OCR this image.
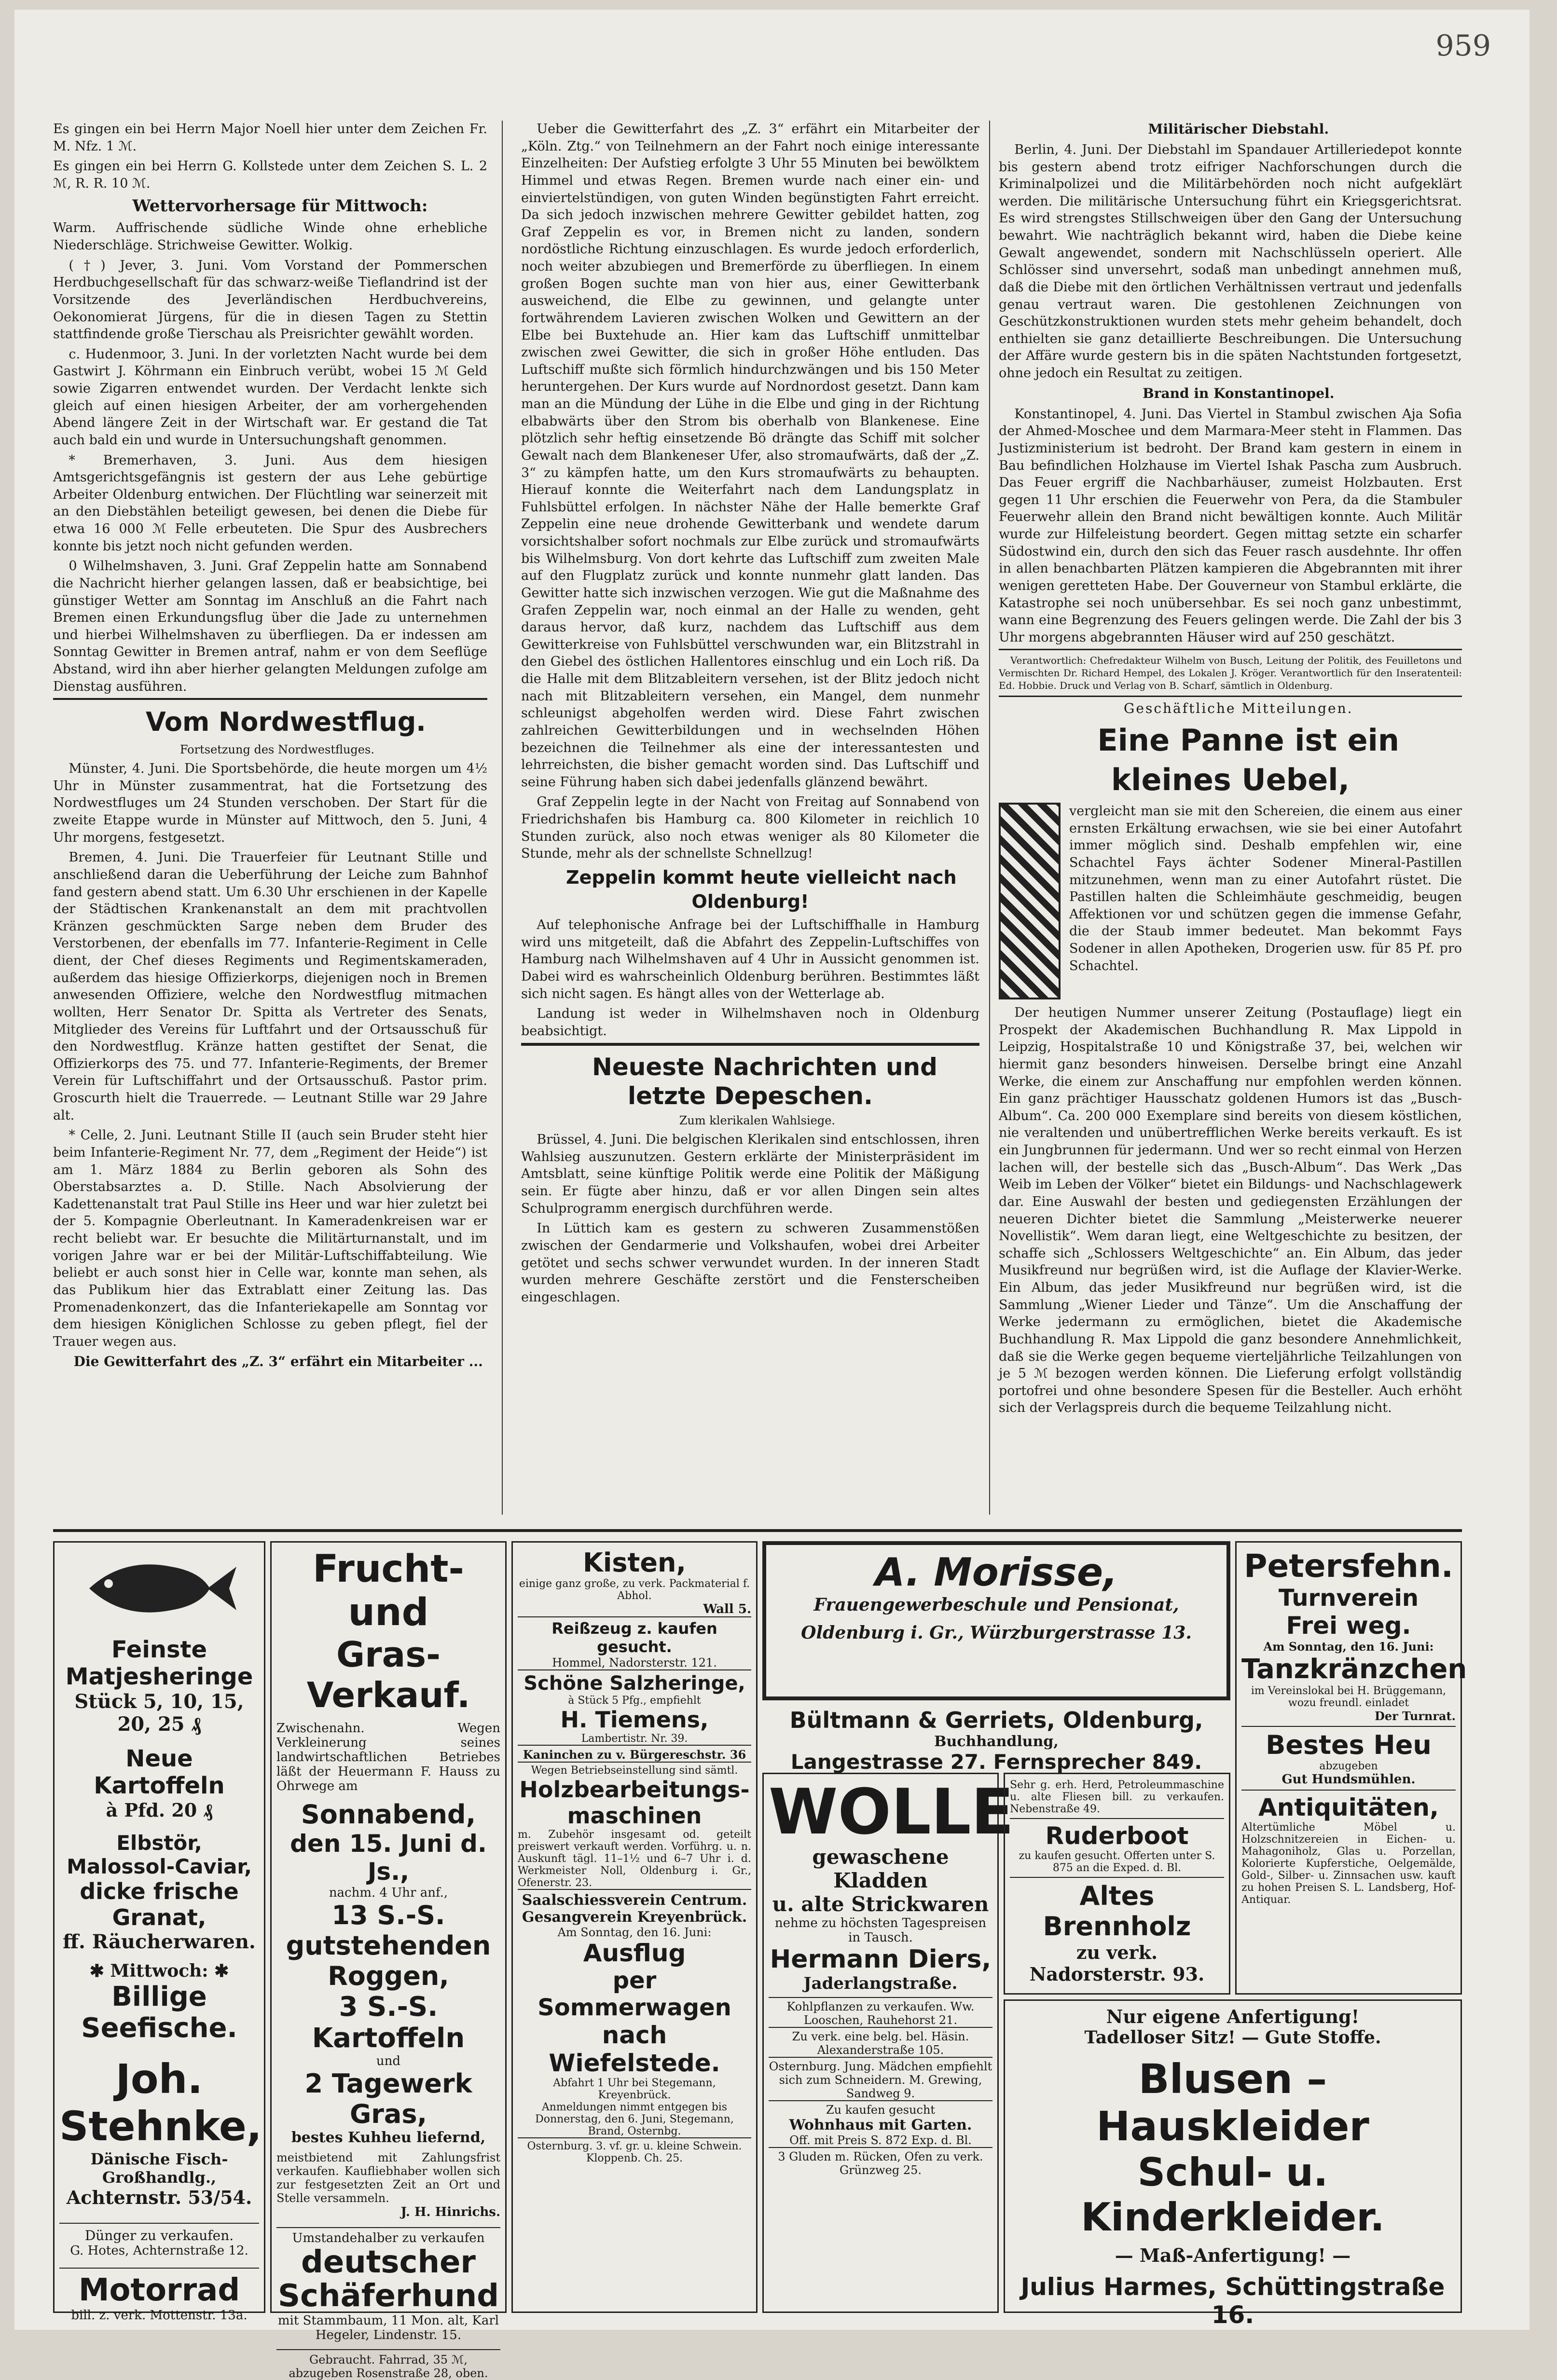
959

Es gingen ein bei Herrn Major Noell hier unter dem Zeichen Fr. M. Nfz. 1 ℳ.

Es gingen ein bei Herrn G. Kollstede unter dem Zeichen S. L. 2 ℳ, R. R. 10 ℳ.

Wettervorhersage für Mittwoch:

Warm. Auffrischende südliche Winde ohne erhebliche Niederschläge. Strichweise Gewitter. Wolkig.

(†) Jever, 3. Juni. Vom Vorstand der Pommerschen Herdbuchgesellschaft für das schwarz-weiße Tieflandrind ist der Vorsitzende des Jeverländischen Herdbuchvereins, Oekonomierat Jürgens, für die in diesen Tagen zu Stettin stattfindende große Tierschau als Preisrichter gewählt worden.

c. Hudenmoor, 3. Juni. In der vorletzten Nacht wurde bei dem Gastwirt J. Köhrmann ein Einbruch verübt, wobei 15 ℳ Geld sowie Zigarren entwendet wurden. Der Verdacht lenkte sich gleich auf einen hiesigen Arbeiter, der am vorhergehenden Abend längere Zeit in der Wirtschaft war. Er gestand die Tat auch bald ein und wurde in Untersuchungshaft genommen.

* Bremerhaven, 3. Juni. Aus dem hiesigen Amtsgerichtsgefängnis ist gestern der aus Lehe gebürtige Arbeiter Oldenburg entwichen. Der Flüchtling war seinerzeit mit an den Diebstählen beteiligt gewesen, bei denen die Diebe für etwa 16 000 ℳ Felle erbeuteten. Die Spur des Ausbrechers konnte bis jetzt noch nicht gefunden werden.

0 Wilhelmshaven, 3. Juni. Graf Zeppelin hatte am Sonnabend die Nachricht hierher gelangen lassen, daß er beabsichtige, bei günstiger Wetter am Sonntag im Anschluß an die Fahrt nach Bremen einen Erkundungsflug über die Jade zu unternehmen und hierbei Wilhelmshaven zu überfliegen. Da er indessen am Sonntag Gewitter in Bremen antraf, nahm er von dem Seeflüge Abstand, wird ihn aber hierher gelangten Meldungen zufolge am Dienstag ausführen.

Vom Nordwestflug.

Fortsetzung des Nordwestfluges.

Münster, 4. Juni. Die Sportsbehörde, die heute morgen um 4½ Uhr in Münster zusammentrat, hat die Fortsetzung des Nordwestfluges um 24 Stunden verschoben. Der Start für die zweite Etappe wurde in Münster auf Mittwoch, den 5. Juni, 4 Uhr morgens, festgesetzt.

Bremen, 4. Juni. Die Trauerfeier für Leutnant Stille und anschließend daran die Ueberführung der Leiche zum Bahnhof fand gestern abend statt. Um 6.30 Uhr erschienen in der Kapelle der Städtischen Krankenanstalt an dem mit prachtvollen Kränzen geschmückten Sarge neben dem Bruder des Verstorbenen, der ebenfalls im 77. Infanterie-Regiment in Celle dient, der Chef dieses Regiments und Regimentskameraden, außerdem das hiesige Offizierkorps, diejenigen noch in Bremen anwesenden Offiziere, welche den Nordwestflug mitmachen wollten, Herr Senator Dr. Spitta als Vertreter des Senats, Mitglieder des Vereins für Luftfahrt und der Ortsausschuß für den Nordwestflug. Kränze hatten gestiftet der Senat, die Offizierkorps des 75. und 77. Infanterie-Regiments, der Bremer Verein für Luftschiffahrt und der Ortsausschuß. Pastor prim. Groscurth hielt die Trauerrede. — Leutnant Stille war 29 Jahre alt.

* Celle, 2. Juni. Leutnant Stille II (auch sein Bruder steht hier beim Infanterie-Regiment Nr. 77, dem „Regiment der Heide“) ist am 1. März 1884 zu Berlin geboren als Sohn des Oberstabsarztes a. D. Stille. Nach Absolvierung der Kadettenanstalt trat Paul Stille ins Heer und war hier zuletzt bei der 5. Kompagnie Oberleutnant. In Kameradenkreisen war er recht beliebt war. Er besuchte die Militärturnanstalt, und im vorigen Jahre war er bei der Militär-Luftschiffabteilung. Wie beliebt er auch sonst hier in Celle war, konnte man sehen, als das Publikum hier das Extrablatt einer Zeitung las. Das Promenadenkonzert, das die Infanteriekapelle am Sonntag vor dem hiesigen Königlichen Schlosse zu geben pflegt, fiel der Trauer wegen aus.

Die Gewitterfahrt des „Z. 3“ erfährt ein Mitarbeiter ...

Ueber die Gewitterfahrt des „Z. 3“ erfährt ein Mitarbeiter der „Köln. Ztg.“ von Teilnehmern an der Fahrt noch einige interessante Einzelheiten: Der Aufstieg erfolgte 3 Uhr 55 Minuten bei bewölktem Himmel und etwas Regen. Bremen wurde nach einer ein- und einviertelstündigen, von guten Winden begünstigten Fahrt erreicht. Da sich jedoch inzwischen mehrere Gewitter gebildet hatten, zog Graf Zeppelin es vor, in Bremen nicht zu landen, sondern nordöstliche Richtung einzuschlagen. Es wurde jedoch erforderlich, noch weiter abzubiegen und Bremerförde zu überfliegen. In einem großen Bogen suchte man von hier aus, einer Gewitterbank ausweichend, die Elbe zu gewinnen, und gelangte unter fortwährendem Lavieren zwischen Wolken und Gewittern an der Elbe bei Buxtehude an. Hier kam das Luftschiff unmittelbar zwischen zwei Gewitter, die sich in großer Höhe entluden. Das Luftschiff mußte sich förmlich hindurchzwängen und bis 150 Meter heruntergehen. Der Kurs wurde auf Nordnordost gesetzt. Dann kam man an die Mündung der Lühe in die Elbe und ging in der Richtung elbabwärts über den Strom bis oberhalb von Blankenese. Eine plötzlich sehr heftig einsetzende Bö drängte das Schiff mit solcher Gewalt nach dem Blankeneser Ufer, also stromaufwärts, daß der „Z. 3“ zu kämpfen hatte, um den Kurs stromaufwärts zu behaupten. Hierauf konnte die Weiterfahrt nach dem Landungsplatz in Fuhlsbüttel erfolgen. In nächster Nähe der Halle bemerkte Graf Zeppelin eine neue drohende Gewitterbank und wendete darum vorsichtshalber sofort nochmals zur Elbe zurück und stromaufwärts bis Wilhelmsburg. Von dort kehrte das Luftschiff zum zweiten Male auf den Flugplatz zurück und konnte nunmehr glatt landen. Das Gewitter hatte sich inzwischen verzogen. Wie gut die Maßnahme des Grafen Zeppelin war, noch einmal an der Halle zu wenden, geht daraus hervor, daß kurz, nachdem das Luftschiff aus dem Gewitterkreise von Fuhlsbüttel verschwunden war, ein Blitzstrahl in den Giebel des östlichen Hallentores einschlug und ein Loch riß. Da die Halle mit dem Blitzableitern versehen, ist der Blitz jedoch nicht nach mit Blitzableitern versehen, ein Mangel, dem nunmehr schleunigst abgeholfen werden wird. Diese Fahrt zwischen zahlreichen Gewitterbildungen und in wechselnden Höhen bezeichnen die Teilnehmer als eine der interessantesten und lehrreichsten, die bisher gemacht worden sind. Das Luftschiff und seine Führung haben sich dabei jedenfalls glänzend bewährt.

Graf Zeppelin legte in der Nacht von Freitag auf Sonnabend von Friedrichshafen bis Hamburg ca. 800 Kilometer in reichlich 10 Stunden zurück, also noch etwas weniger als 80 Kilometer die Stunde, mehr als der schnellste Schnellzug!

Zeppelin kommt heute vielleicht nach Oldenburg!

Auf telephonische Anfrage bei der Luftschiffhalle in Hamburg wird uns mitgeteilt, daß die Abfahrt des Zeppelin-Luftschiffes von Hamburg nach Wilhelmshaven auf 4 Uhr in Aussicht genommen ist. Dabei wird es wahrscheinlich Oldenburg berühren. Bestimmtes läßt sich nicht sagen. Es hängt alles von der Wetterlage ab.

Landung ist weder in Wilhelmshaven noch in Oldenburg beabsichtigt.

Neueste Nachrichten und letzte Depeschen.

Zum klerikalen Wahlsiege.

Brüssel, 4. Juni. Die belgischen Klerikalen sind entschlossen, ihren Wahlsieg auszunutzen. Gestern erklärte der Ministerpräsident im Amtsblatt, seine künftige Politik werde eine Politik der Mäßigung sein. Er fügte aber hinzu, daß er vor allen Dingen sein altes Schulprogramm energisch durchführen werde.

In Lüttich kam es gestern zu schweren Zusammenstößen zwischen der Gendarmerie und Volkshaufen, wobei drei Arbeiter getötet und sechs schwer verwundet wurden. In der inneren Stadt wurden mehrere Geschäfte zerstört und die Fensterscheiben eingeschlagen.

Militärischer Diebstahl.

Berlin, 4. Juni. Der Diebstahl im Spandauer Artilleriedepot konnte bis gestern abend trotz eifriger Nachforschungen durch die Kriminalpolizei und die Militärbehörden noch nicht aufgeklärt werden. Die militärische Untersuchung führt ein Kriegsgerichtsrat. Es wird strengstes Stillschweigen über den Gang der Untersuchung bewahrt. Wie nachträglich bekannt wird, haben die Diebe keine Gewalt angewendet, sondern mit Nachschlüsseln operiert. Alle Schlösser sind unversehrt, sodaß man unbedingt annehmen muß, daß die Diebe mit den örtlichen Verhältnissen vertraut und jedenfalls genau vertraut waren. Die gestohlenen Zeichnungen von Geschützkonstruktionen wurden stets mehr geheim behandelt, doch enthielten sie ganz detaillierte Beschreibungen. Die Untersuchung der Affäre wurde gestern bis in die späten Nachtstunden fortgesetzt, ohne jedoch ein Resultat zu zeitigen.

Brand in Konstantinopel.

Konstantinopel, 4. Juni. Das Viertel in Stambul zwischen Aja Sofia der Ahmed-Moschee und dem Marmara-Meer steht in Flammen. Das Justizministerium ist bedroht. Der Brand kam gestern in einem in Bau befindlichen Holzhause im Viertel Ishak Pascha zum Ausbruch. Das Feuer ergriff die Nachbarhäuser, zumeist Holzbauten. Erst gegen 11 Uhr erschien die Feuerwehr von Pera, da die Stambuler Feuerwehr allein den Brand nicht bewältigen konnte. Auch Militär wurde zur Hilfeleistung beordert. Gegen mittag setzte ein scharfer Südostwind ein, durch den sich das Feuer rasch ausdehnte. Ihr offen in allen benachbarten Plätzen kampieren die Abgebrannten mit ihrer wenigen geretteten Habe. Der Gouverneur von Stambul erklärte, die Katastrophe sei noch unübersehbar. Es sei noch ganz unbestimmt, wann eine Begrenzung des Feuers gelingen werde. Die Zahl der bis 3 Uhr morgens abgebrannten Häuser wird auf 250 geschätzt.

Verantwortlich: Chefredakteur Wilhelm von Busch, Leitung der Politik, des Feuilletons und Vermischten Dr. Richard Hempel, des Lokalen J. Kröger. Verantwortlich für den Inseratenteil: Ed. Hobbie. Druck und Verlag von B. Scharf, sämtlich in Oldenburg.

Geschäftliche Mitteilungen.

Eine Panne ist ein kleines Uebel,

vergleicht man sie mit den Schereien, die einem aus einer ernsten Erkältung erwachsen, wie sie bei einer Autofahrt immer möglich sind. Deshalb empfehlen wir, eine Schachtel Fays ächter Sodener Mineral-Pastillen mitzunehmen, wenn man zu einer Autofahrt rüstet. Die Pastillen halten die Schleimhäute geschmeidig, beugen Affektionen vor und schützen gegen die immense Gefahr, die der Staub immer bedeutet. Man bekommt Fays Sodener in allen Apotheken, Drogerien usw. für 85 Pf. pro Schachtel.

Der heutigen Nummer unserer Zeitung (Postauflage) liegt ein Prospekt der Akademischen Buchhandlung R. Max Lippold in Leipzig, Hospitalstraße 10 und Königstraße 37, bei, welchen wir hiermit ganz besonders hinweisen. Derselbe bringt eine Anzahl Werke, die einem zur Anschaffung nur empfohlen werden können. Ein ganz prächtiger Hausschatz goldenen Humors ist das „Busch-Album“. Ca. 200 000 Exemplare sind bereits von diesem köstlichen, nie veraltenden und unübertrefflichen Werke bereits verkauft. Es ist ein Jungbrunnen für jedermann. Und wer so recht einmal von Herzen lachen will, der bestelle sich das „Busch-Album“. Das Werk „Das Weib im Leben der Völker“ bietet ein Bildungs- und Nachschlagewerk dar. Eine Auswahl der besten und gediegensten Erzählungen der neueren Dichter bietet die Sammlung „Meisterwerke neuerer Novellistik“. Wem daran liegt, eine Weltgeschichte zu besitzen, der schaffe sich „Schlossers Weltgeschichte“ an. Ein Album, das jeder Musikfreund nur begrüßen wird, ist die Auflage der Klavier-Werke. Ein Album, das jeder Musikfreund nur begrüßen wird, ist die Sammlung „Wiener Lieder und Tänze“. Um die Anschaffung der Werke jedermann zu ermöglichen, bietet die Akademische Buchhandlung R. Max Lippold die ganz besondere Annehmlichkeit, daß sie die Werke gegen bequeme vierteljährliche Teilzahlungen von je 5 ℳ bezogen werden können. Die Lieferung erfolgt vollständig portofrei und ohne besondere Spesen für die Besteller. Auch erhöht sich der Verlagspreis durch die bequeme Teilzahlung nicht.

Feinste Matjesheringe
Stück 5, 10, 15, 20, 25 ₰
Neue Kartoffeln
à Pfd. 20 ₰
Elbstör, Malossol-Caviar,
dicke frische Granat,
ff. Räucherwaren.
✱ Mittwoch: ✱
Billige Seefische.
Joh. Stehnke,
Dänische Fisch-Großhandlg.,
Achternstr. 53/54.
Dünger zu verkaufen.
G. Hotes, Achternstraße 12.
Motorrad
bill. z. verk. Mottenstr. 13a.
Frucht- und
Gras-Verkauf.
Zwischenahn. Wegen Verkleinerung seines landwirtschaftlichen Betriebes läßt der Heuermann F. Hauss zu Ohrwege am
Sonnabend,
den 15. Juni d. Js.,
nachm. 4 Uhr anf.,
13 S.-S. gutstehenden Roggen,
3 S.-S. Kartoffeln
und
2 Tagewerk Gras,
bestes Kuhheu liefernd,
meistbietend mit Zahlungsfrist verkaufen. Kaufliebhaber wollen sich zur festgesetzten Zeit an Ort und Stelle versammeln.
J. H. Hinrichs.
Umstandehalber zu verkaufen
deutscher Schäferhund
mit Stammbaum, 11 Mon. alt, Karl Hegeler, Lindenstr. 15.
Gebraucht. Fahrrad, 35 ℳ, abzugeben Rosenstraße 28, oben.
Kisten,
einige ganz große, zu verk. Packmaterial f. Abhol.
Wall 5.
Reißzeug z. kaufen gesucht.
Hommel, Nadorsterstr. 121.
Schöne Salzheringe,
à Stück 5 Pfg., empfiehlt
H. Tiemens,
Lambertistr. Nr. 39.
Kaninchen zu v. Bürgereschstr. 36
Wegen Betriebseinstellung sind sämtl.
Holzbearbeitungs-maschinen
m. Zubehör insgesamt od. geteilt preiswert verkauft werden. Vorführg. u. n. Auskunft tägl. 11–1½ und 6–7 Uhr i. d. Werkmeister Noll, Oldenburg i. Gr., Ofenerstr. 23.
Saalschiessverein Centrum.
Gesangverein Kreyenbrück.
Am Sonntag, den 16. Juni:
Ausflug
per Sommerwagen
nach Wiefelstede.
Abfahrt 1 Uhr bei Stegemann, Kreyenbrück.
Anmeldungen nimmt entgegen bis Donnerstag, den 6. Juni, Stegemann, Brand, Osternbg.
Osternburg. 3. vf. gr. u. kleine Schwein. Kloppenb. Ch. 25.
A. Morisse,
Frauengewerbeschule und Pensionat,
Oldenburg i. Gr., Würzburgerstrasse 13.
Bültmann & Gerriets, Oldenburg,
Buchhandlung,
Langestrasse 27. Fernsprecher 849.
WOLLE
gewaschene Kladden
u. alte Strickwaren
nehme zu höchsten Tagespreisen in Tausch.
Hermann Diers,
Jaderlangstraße.
Kohlpflanzen zu verkaufen. Ww. Looschen, Rauhehorst 21.
Zu verk. eine belg. bel. Häsin. Alexanderstraße 105.
Osternburg. Jung. Mädchen empfiehlt sich zum Schneidern. M. Grewing, Sandweg 9.
Zu kaufen gesucht
Wohnhaus mit Garten.
Off. mit Preis S. 872 Exp. d. Bl.
3 Gluden m. Rücken, Ofen zu verk. Grünzweg 25.
Sehr g. erh. Herd, Petroleummaschine u. alte Fliesen bill. zu verkaufen. Nebenstraße 49.
Ruderboot
zu kaufen gesucht. Offerten unter S. 875 an die Exped. d. Bl.
Altes Brennholz
zu verk. Nadorsterstr. 93.
Petersfehn.
Turnverein
Frei weg.
Am Sonntag, den 16. Juni:
Tanzkränzchen
im Vereinslokal bei H. Brüggemann, wozu freundl. einladet
Der Turnrat.
Bestes Heu
abzugeben
Gut Hundsmühlen.
Antiquitäten,
Altertümliche Möbel u. Holzschnitzereien in Eichen- u. Mahagoniholz, Glas u. Porzellan, Kolorierte Kupferstiche, Oelgemälde, Gold-, Silber- u. Zinnsachen usw. kauft zu hohen Preisen S. L. Landsberg, Hof-Antiquar.
Nur eigene Anfertigung!
Tadelloser Sitz! — Gute Stoffe.
Blusen – Hauskleider
Schul- u. Kinderkleider.
— Maß-Anfertigung! —
Julius Harmes, Schüttingstraße 16.
